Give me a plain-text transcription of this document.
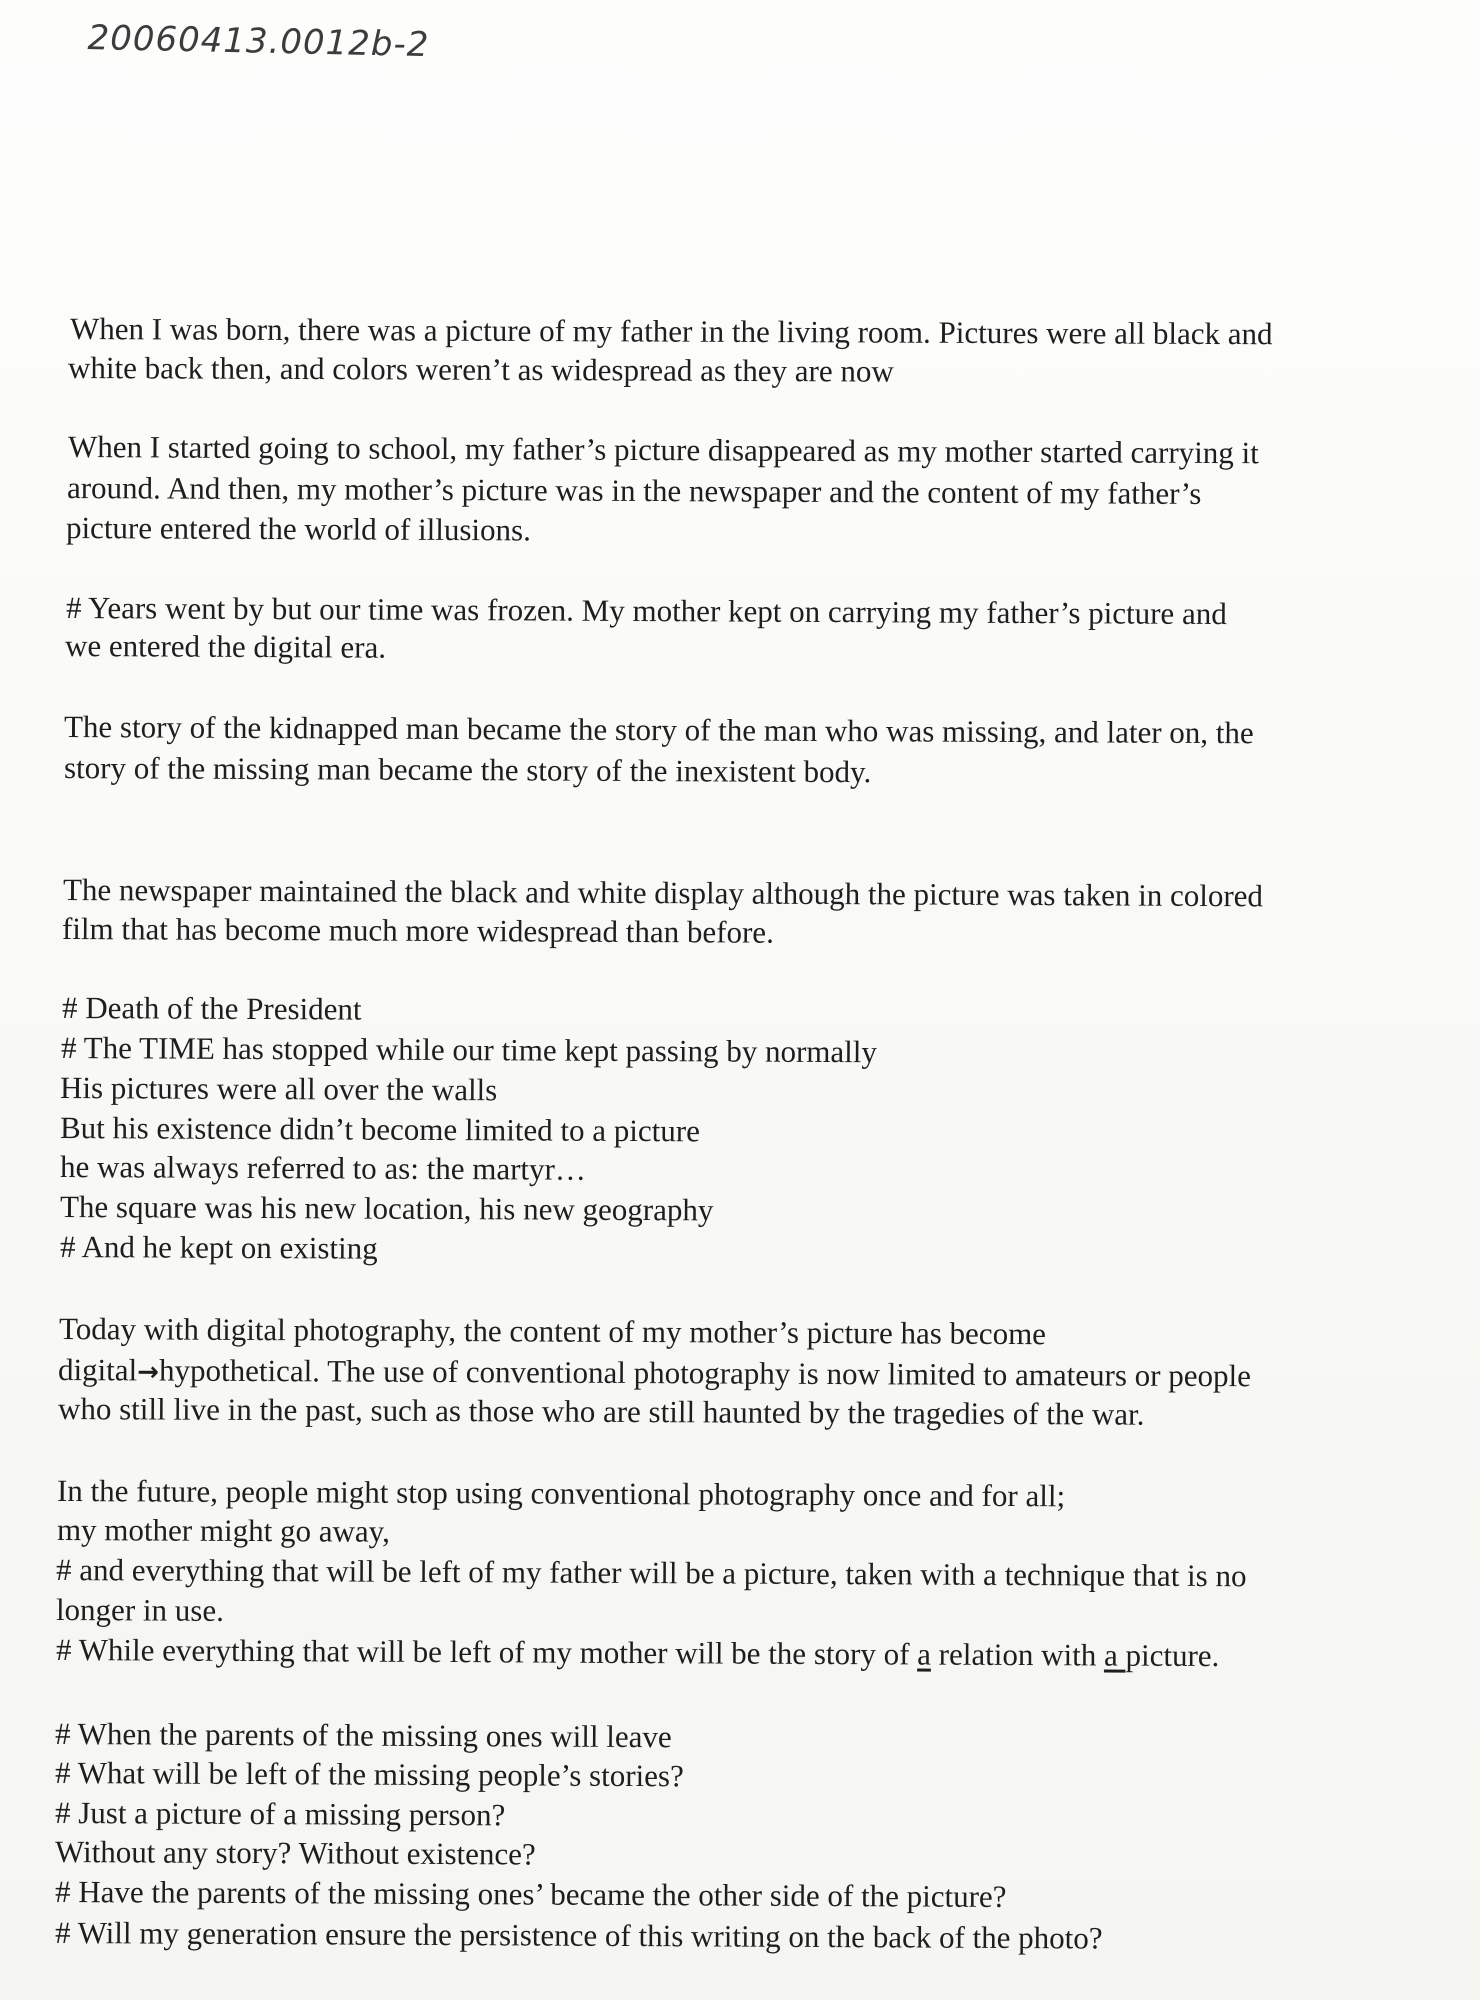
20060413.0012b-2
When I was born, there was a picture of my father in the living room. Pictures were all black and
white back then, and colors weren’t as widespread as they are now
When I started going to school, my father’s picture disappeared as my mother started carrying it
around. And then, my mother’s picture was in the newspaper and the content of my father’s
picture entered the world of illusions.
# Years went by but our time was frozen. My mother kept on carrying my father’s picture and
we entered the digital era.
The story of the kidnapped man became the story of the man who was missing, and later on, the
story of the missing man became the story of the inexistent body.
The newspaper maintained the black and white display although the picture was taken in colored
film that has become much more widespread than before.
# Death of the President
# The TIME has stopped while our time kept passing by normally
His pictures were all over the walls
But his existence didn’t become limited to a picture
he was always referred to as: the martyr…
The square was his new location, his new geography
# And he kept on existing
Today with digital photography, the content of my mother’s picture has become
digital→hypothetical. The use of conventional photography is now limited to amateurs or people
who still live in the past, such as those who are still haunted by the tragedies of the war.
In the future, people might stop using conventional photography once and for all;
my mother might go away,
# and everything that will be left of my father will be a picture, taken with a technique that is no
longer in use.
# While everything that will be left of my mother will be the story of a relation with a picture.
# When the parents of the missing ones will leave
# What will be left of the missing people’s stories?
# Just a picture of a missing person?
Without any story? Without existence?
# Have the parents of the missing ones’ became the other side of the picture?
# Will my generation ensure the persistence of this writing on the back of the photo?
